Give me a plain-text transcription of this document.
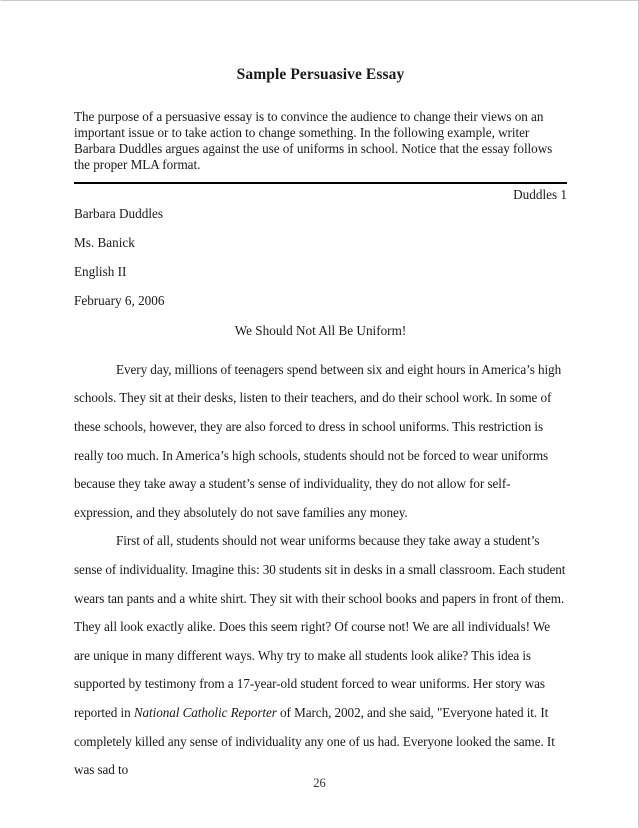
Sample Persuasive Essay

The purpose of a persuasive essay is to convince the audience to change their views on an important issue or to take action to change something. In the following example, writer Barbara Duddles argues against the use of uniforms in school. Notice that the essay follows the proper MLA format.

Duddles 1
Barbara Duddles
Ms. Banick
English II
February 6, 2006
We Should Not All Be Uniform!

Every day, millions of teenagers spend between six and eight hours in America’s high schools. They sit at their desks, listen to their teachers, and do their school work. In some of these schools, however, they are also forced to dress in school uniforms. This restriction is really too much. In America’s high schools, students should not be forced to wear uniforms because they take away a student’s sense of individuality, they do not allow for self-expression, and they absolutely do not save families any money.

First of all, students should not wear uniforms because they take away a student’s sense of individuality. Imagine this: 30 students sit in desks in a small classroom. Each student wears tan pants and a white shirt. They sit with their school books and papers in front of them. They all look exactly alike. Does this seem right? Of course not! We are all individuals! We are unique in many different ways. Why try to make all students look alike? This idea is supported by testimony from a 17-year-old student forced to wear uniforms. Her story was reported in National Catholic Reporter of March, 2002, and she said, "Everyone hated it. It completely killed any sense of individuality any one of us had. Everyone looked the same. It was sad to

26
